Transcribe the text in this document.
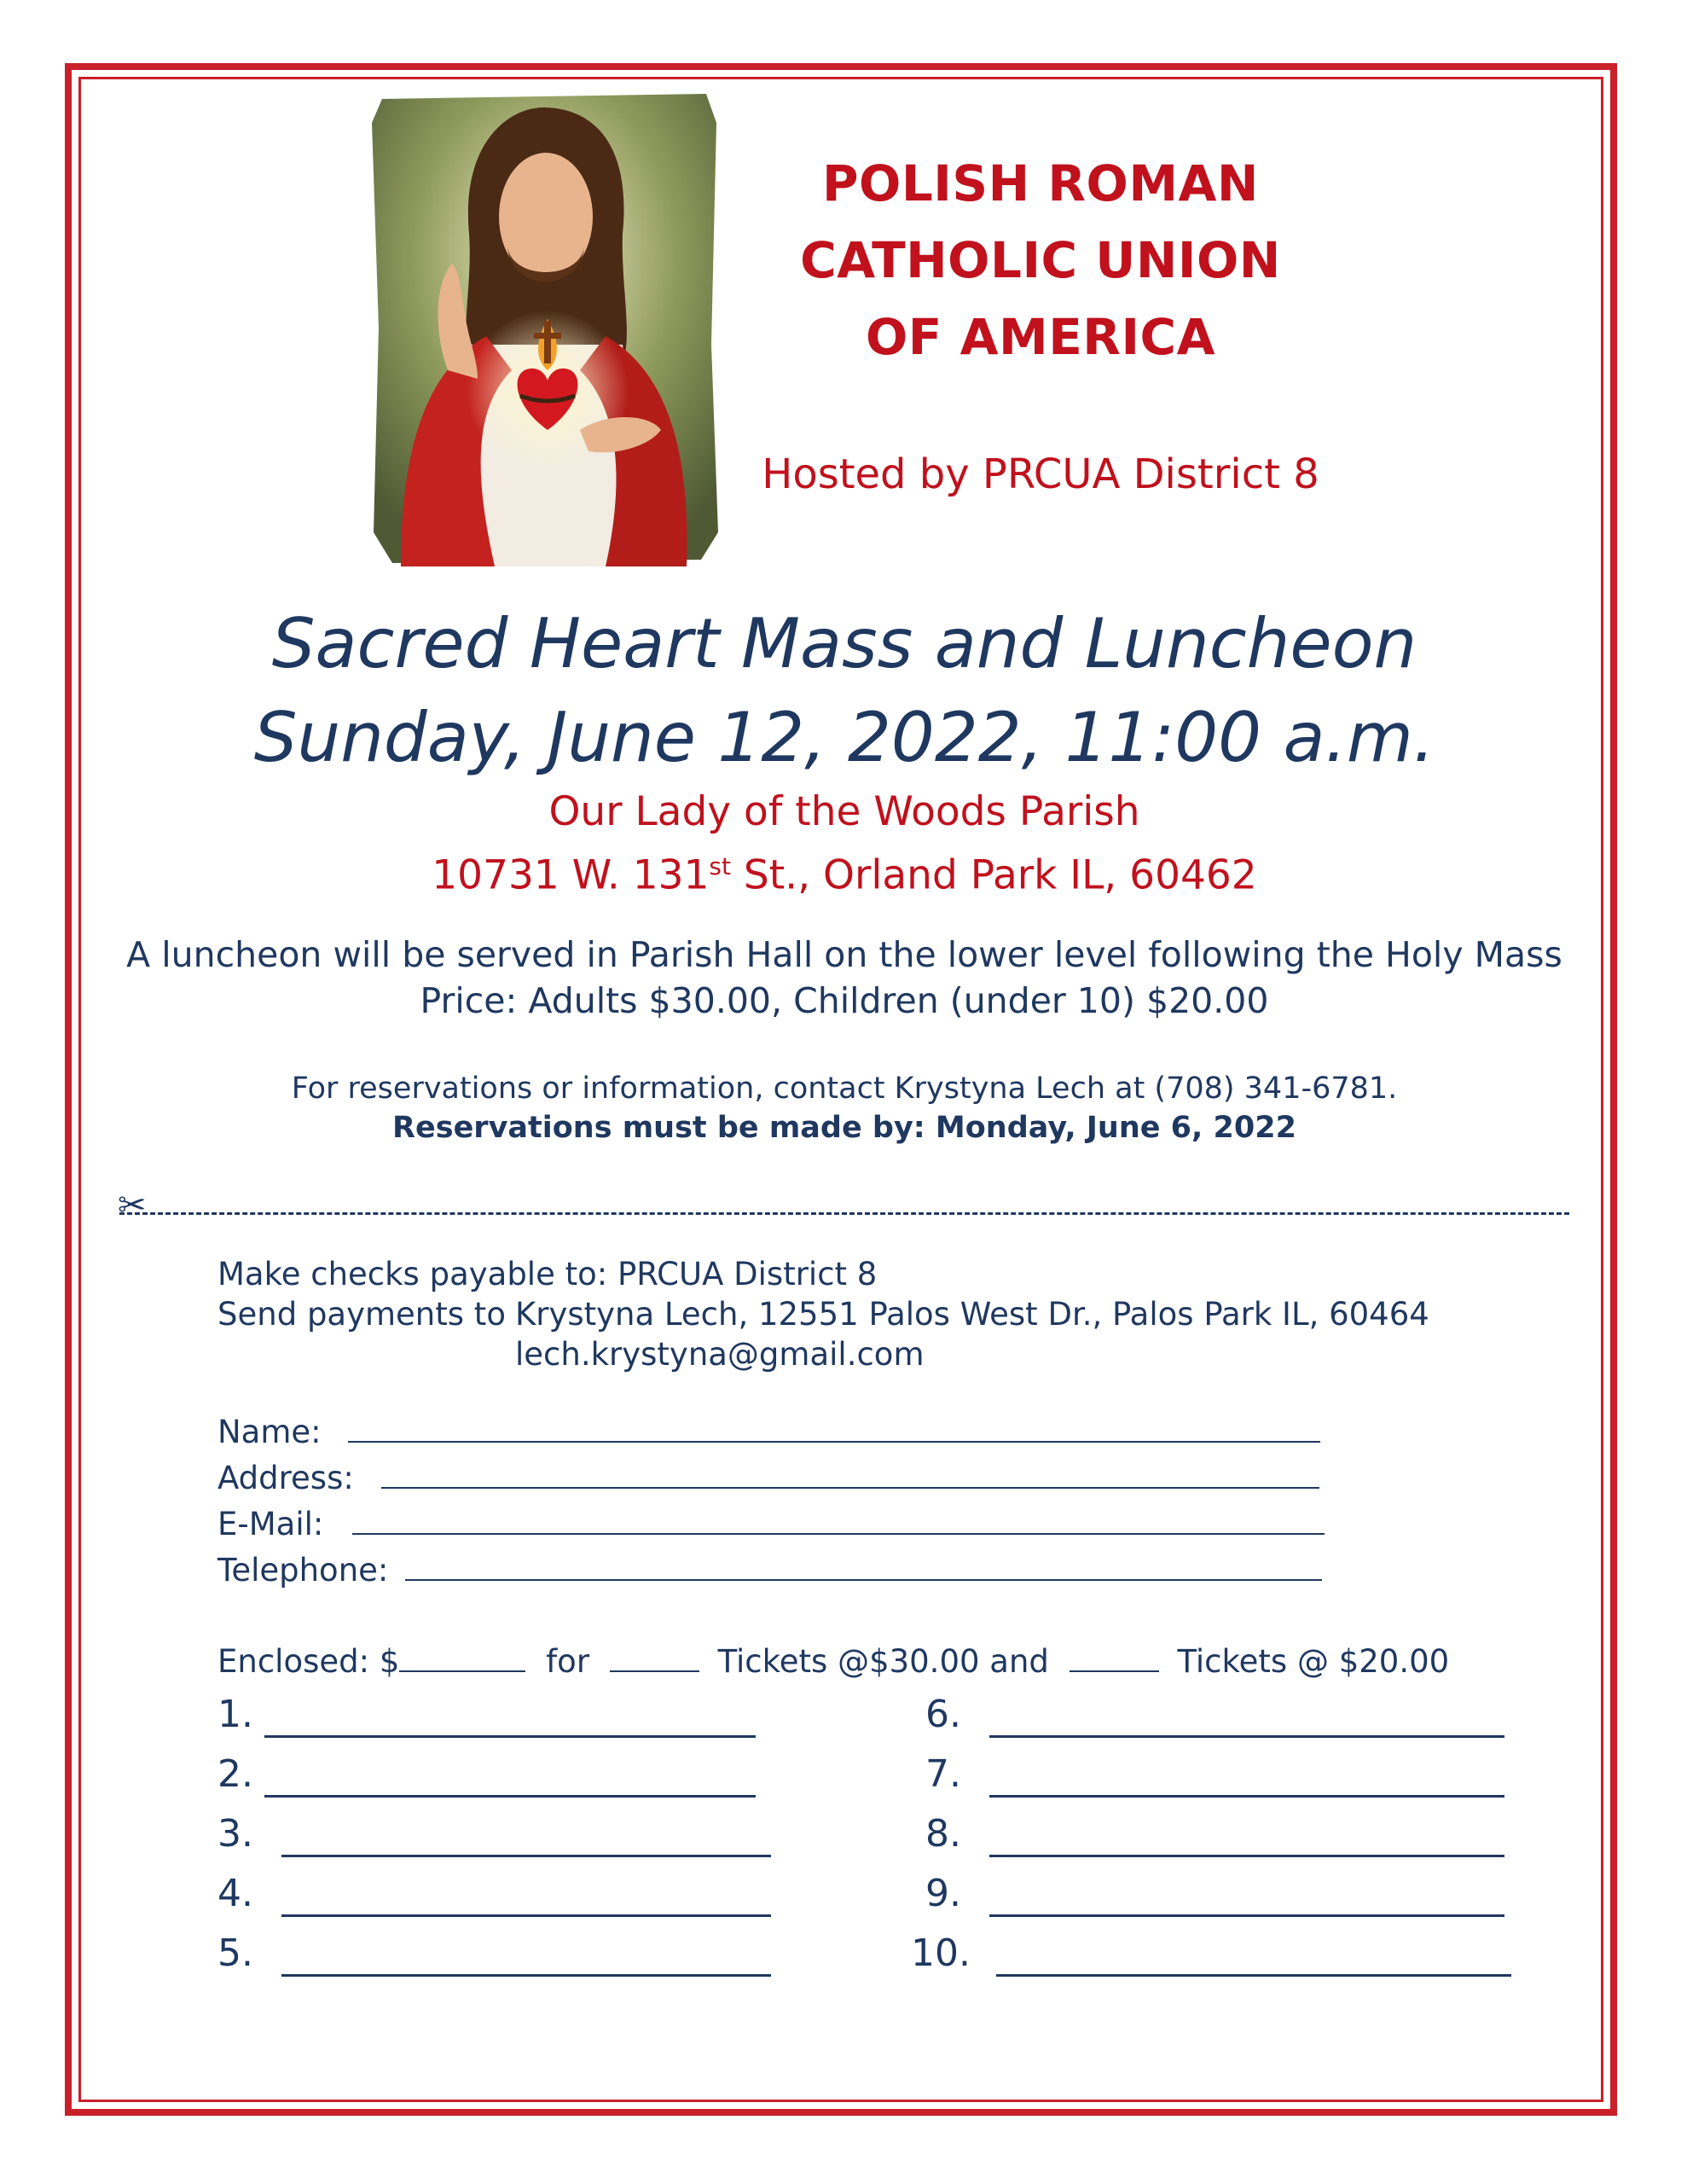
POLISH ROMAN
CATHOLIC UNION
OF AMERICA
Hosted by PRCUA District 8
Sacred Heart Mass and Luncheon
Sunday, June 12, 2022, 11:00 a.m.
Our Lady of the Woods Parish
10731 W. 131st St., Orland Park IL, 60462
A luncheon will be served in Parish Hall on the lower level following the Holy Mass
Price: Adults $30.00, Children (under 10) $20.00
For reservations or information, contact Krystyna Lech at (708) 341-6781.
Reservations must be made by: Monday, June 6, 2022
✂
Make checks payable to: PRCUA District 8
Send payments to Krystyna Lech, 12551 Palos West Dr., Palos Park IL, 60464
lech.krystyna@gmail.com
Name:
Address:
E-Mail:
Telephone:
Enclosed: $	for	Tickets @$30.00 and	Tickets @ $20.00
1.
2.
3.
4.
5.
6.
7.
8.
9.
10.
